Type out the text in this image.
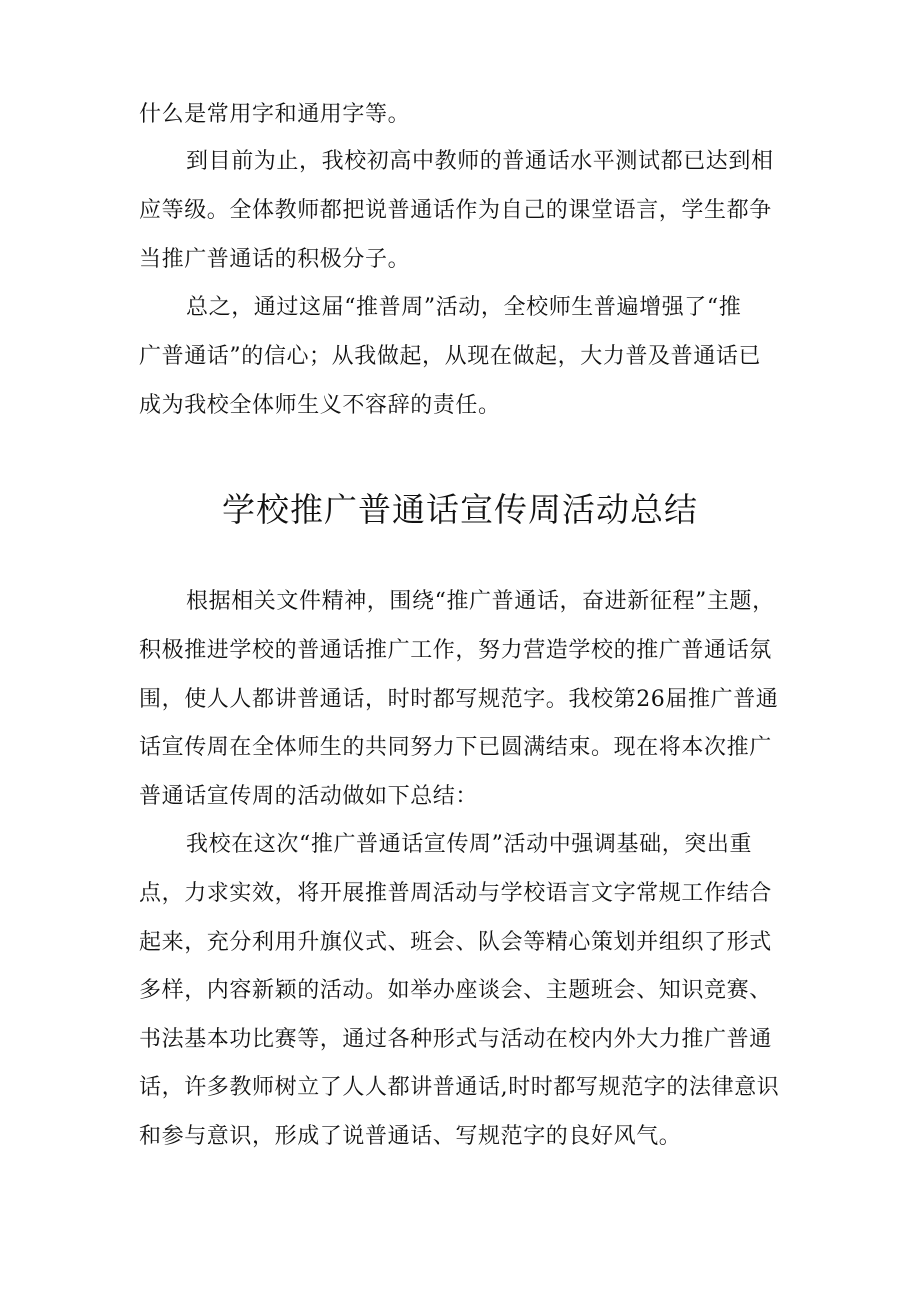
什么是常用字和通用字等。
到目前为止，我校初高中教师的普通话水平测试都已达到相
应等级。全体教师都把说普通话作为自己的课堂语言，学生都争
当推广普通话的积极分子。
总之，通过这届“推普周”活动，全校师生普遍增强了“推
广普通话”的信心；从我做起，从现在做起，大力普及普通话已
成为我校全体师生义不容辞的责任。
学校推广普通话宣传周活动总结
根据相关文件精神，围绕“推广普通话，奋进新征程”主题，
积极推进学校的普通话推广工作，努力营造学校的推广普通话氛
围，使人人都讲普通话，时时都写规范字。我校第26届推广普通
话宣传周在全体师生的共同努力下已圆满结束。现在将本次推广
普通话宣传周的活动做如下总结：
我校在这次“推广普通话宣传周”活动中强调基础，突出重
点，力求实效，将开展推普周活动与学校语言文字常规工作结合
起来，充分利用升旗仪式、班会、队会等精心策划并组织了形式
多样，内容新颖的活动。如举办座谈会、主题班会、知识竞赛、
书法基本功比赛等，通过各种形式与活动在校内外大力推广普通
话，许多教师树立了人人都讲普通话,时时都写规范字的法律意识
和参与意识，形成了说普通话、写规范字的良好风气。
